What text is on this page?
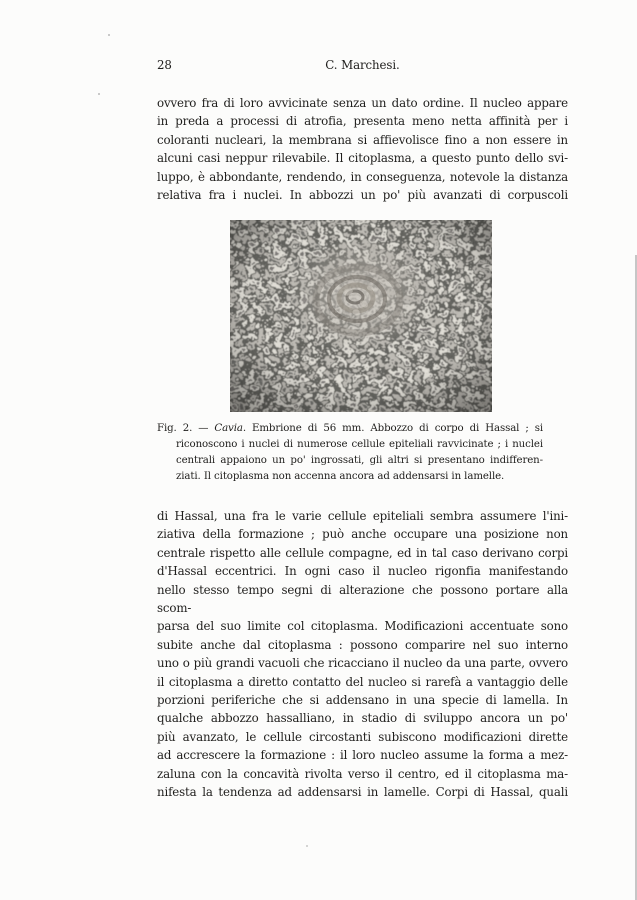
28	C. Marchesi.
ovvero fra di loro avvicinate senza un dato ordine. Il nucleo appare
in preda a processi di atrofia, presenta meno netta affinità per i
coloranti nucleari, la membrana si affievolisce fino a non essere in
alcuni casi neppur rilevabile. Il citoplasma, a questo punto dello svi-
luppo, è abbondante, rendendo, in conseguenza, notevole la distanza
relativa fra i nuclei. In abbozzi un po' più avanzati di corpuscoli
Fig. 2. — Cavia. Embrione di 56 mm. Abbozzo di corpo di Hassal ; si
riconoscono i nuclei di numerose cellule epiteliali ravvicinate ; i nuclei
centrali appaiono un po' ingrossati, gli altri si presentano indifferen-
ziati. Il citoplasma non accenna ancora ad addensarsi in lamelle.
di Hassal, una fra le varie cellule epiteliali sembra assumere l'ini-
ziativa della formazione ; può anche occupare una posizione non
centrale rispetto alle cellule compagne, ed in tal caso derivano corpi
d'Hassal eccentrici. In ogni caso il nucleo rigonfia manifestando
nello stesso tempo segni di alterazione che possono portare alla scom-
parsa del suo limite col citoplasma. Modificazioni accentuate sono
subite anche dal citoplasma : possono comparire nel suo interno
uno o più grandi vacuoli che ricacciano il nucleo da una parte, ovvero
il citoplasma a diretto contatto del nucleo si rarefà a vantaggio delle
porzioni periferiche che si addensano in una specie di lamella. In
qualche abbozzo hassalliano, in stadio di sviluppo ancora un po'
più avanzato, le cellule circostanti subiscono modificazioni dirette
ad accrescere la formazione : il loro nucleo assume la forma a mez-
zaluna con la concavità rivolta verso il centro, ed il citoplasma ma-
nifesta la tendenza ad addensarsi in lamelle. Corpi di Hassal, quali
